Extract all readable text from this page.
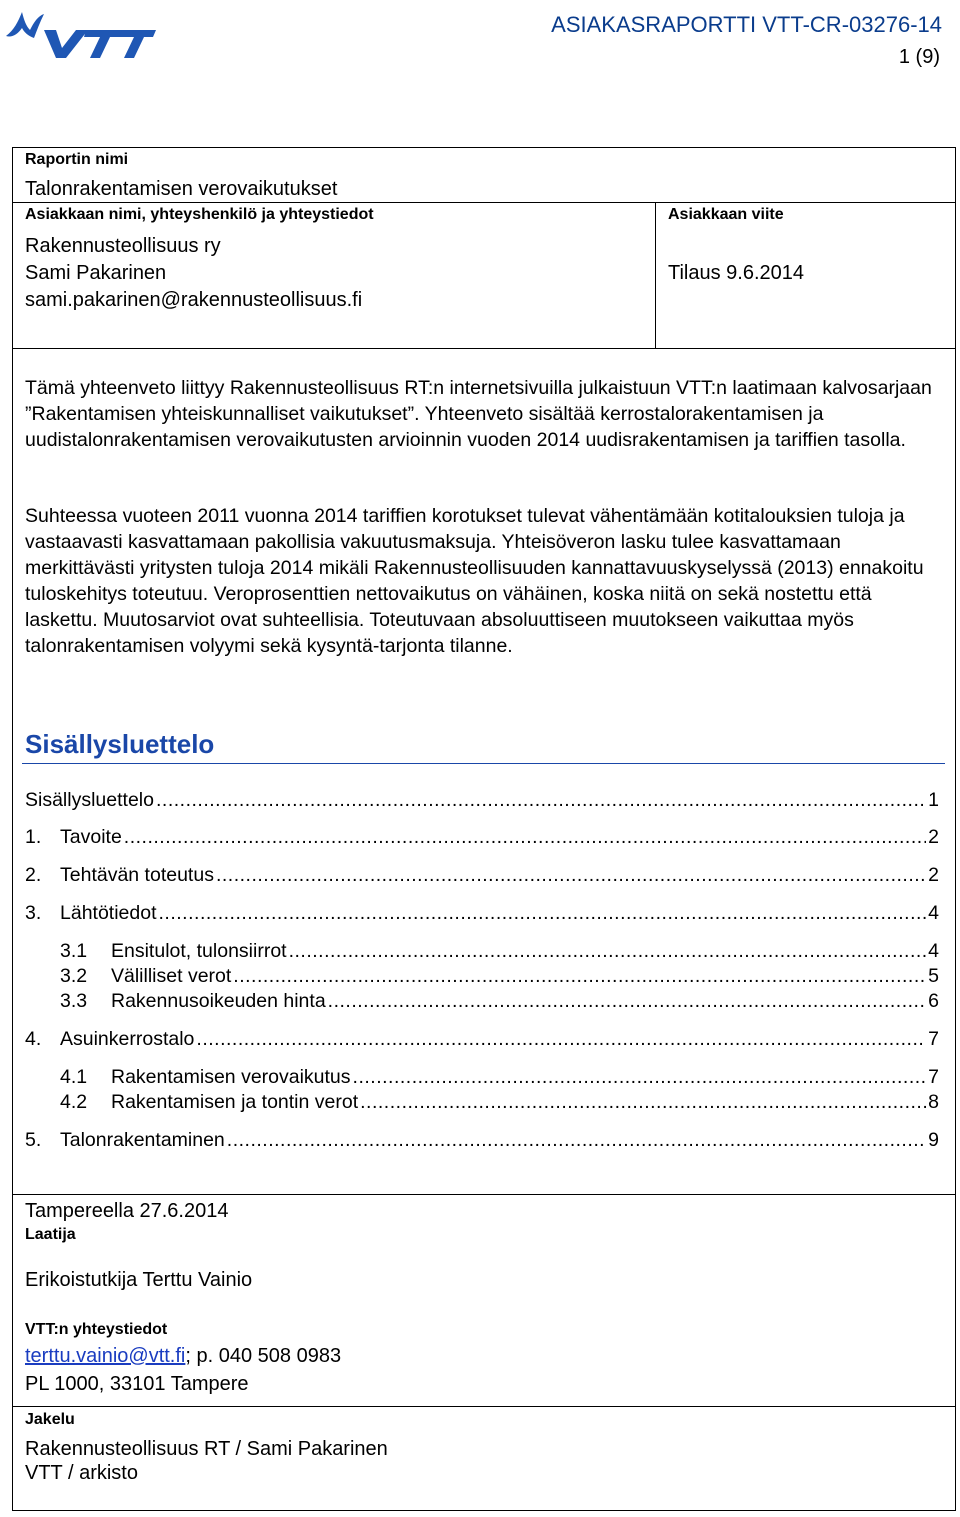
ASIAKASRAPORTTI VTT-CR-03276-14
1 (9)
Raportin nimi
Talonrakentamisen verovaikutukset
Asiakkaan nimi, yhteyshenkilö ja yhteystiedot
Rakennusteollisuus ry
Sami Pakarinen
sami.pakarinen@rakennusteollisuus.fi
Asiakkaan viite
Tilaus 9.6.2014
Tämä yhteenveto liittyy Rakennusteollisuus RT:n internetsivuilla julkaistuun VTT:n laatimaan kalvosarjaan ”Rakentamisen yhteiskunnalliset vaikutukset”. Yhteenveto sisältää kerrostalorakentamisen ja uudistalonrakentamisen verovaikutusten arvioinnin vuoden 2014 uudisrakentamisen ja tariffien tasolla.
Suhteessa vuoteen 2011 vuonna 2014 tariffien korotukset tulevat vähentämään kotitalouksien tuloja ja vastaavasti kasvattamaan pakollisia vakuutusmaksuja. Yhteisöveron lasku tulee kasvattamaan merkittävästi yritysten tuloja 2014 mikäli Rakennusteollisuuden kannattavuuskyselyssä (2013) ennakoitu tuloskehitys toteutuu. Veroprosenttien nettovaikutus on vähäinen, koska niitä on sekä nostettu että laskettu. Muutosarviot ovat suhteellisia. Toteutuvaan absoluuttiseen muutokseen vaikuttaa myös talonrakentamisen volyymi sekä kysyntä-tarjonta tilanne.
Sisällysluettelo
Sisällysluettelo .....	1
1. Tavoite .....	2
2. Tehtävän toteutus .....	2
3. Lähtötiedot .....	4
3.1	Ensitulot, tulonsiirrot .....	4
3.2	Välilliset verot .....	5
3.3	Rakennusoikeuden hinta .....	6
4. Asuinkerrostalo .....	7
4.1	Rakentamisen verovaikutus .....	7
4.2	Rakentamisen ja tontin verot .....	8
5. Talonrakentaminen .....	9
Tampereella 27.6.2014
Laatija
Erikoistutkija Terttu Vainio
VTT:n yhteystiedot
terttu.vainio@vtt.fi; p. 040 508 0983
PL 1000, 33101 Tampere
Jakelu
Rakennusteollisuus RT / Sami Pakarinen
VTT / arkisto
